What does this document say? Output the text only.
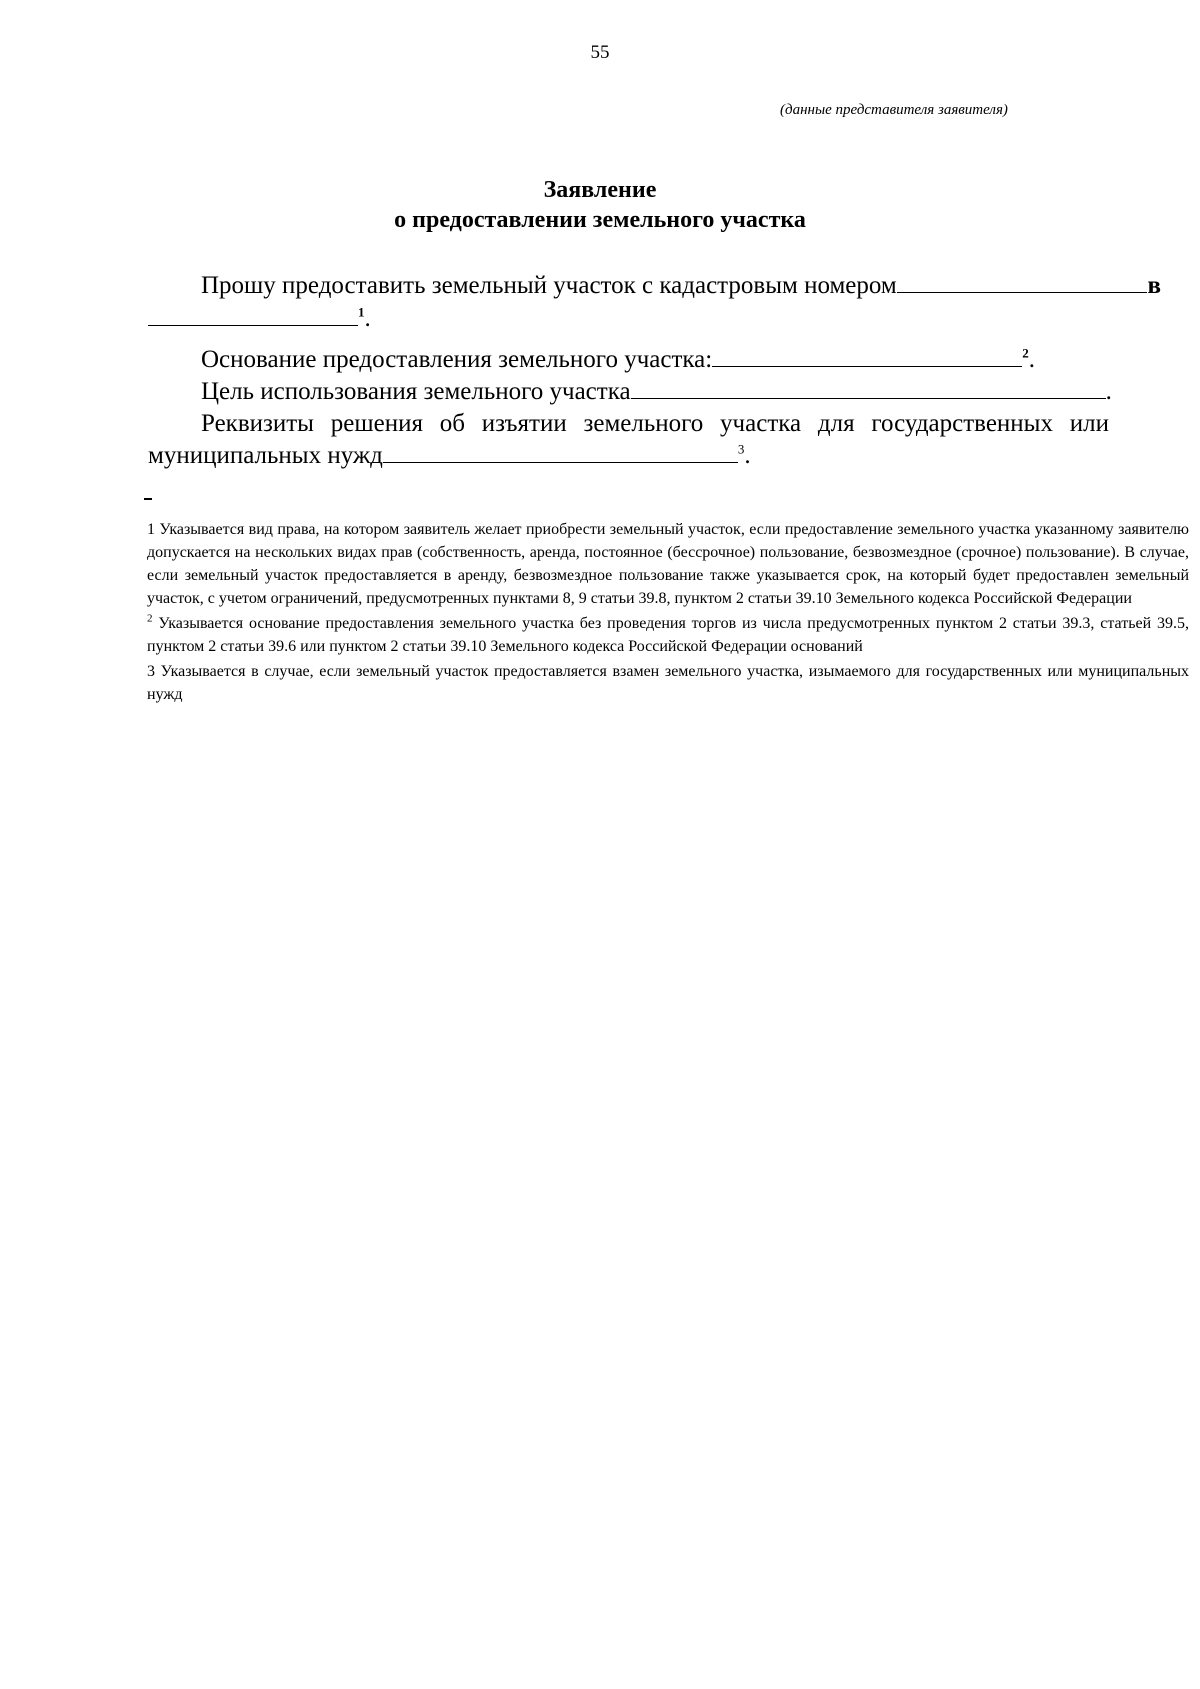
55
(данные представителя заявителя)
Заявление
о предоставлении земельного участка
Прошу предоставить земельный участок с кадастровым номером	в
$^1$.
Основание предоставления земельного участка:	$^2$.
Цель использования земельного участка	.
Реквизиты решения об изъятии земельного участка для государственных или
муниципальных нужд	$^3$.

1 Указывается вид права, на котором заявитель желает приобрести земельный участок, если предоставление земельного участка указанному заявителю допускается на нескольких видах прав (собственность, аренда, постоянное (бессрочное) пользование, безвозмездное (срочное) пользование). В случае, если земельный участок предоставляется в аренду, безвозмездное пользование также указывается срок, на который будет предоставлен земельный участок, с учетом ограничений, предусмотренных пунктами 8, 9 статьи 39.8, пунктом 2 статьи 39.10 Земельного кодекса Российской Федерации

$^2$ Указывается основание предоставления земельного участка без проведения торгов из числа предусмотренных пунктом 2 статьи 39.3, статьей 39.5, пунктом 2 статьи 39.6 или пунктом 2 статьи 39.10 Земельного кодекса Российской Федерации оснований

3 Указывается в случае, если земельный участок предоставляется взамен земельного участка, изымаемого для государственных или муниципальных нужд
